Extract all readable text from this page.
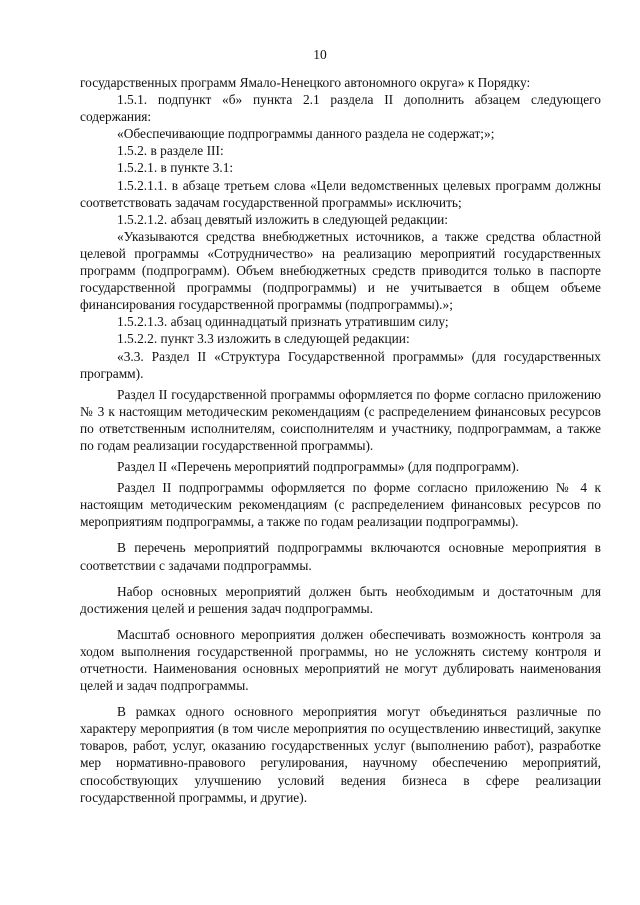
10

государственных программ Ямало-Ненецкого автономного округа» к Порядку:

1.5.1. подпункт «б» пункта 2.1 раздела II дополнить абзацем следующего содержания:

«Обеспечивающие подпрограммы данного раздела не содержат;»;

1.5.2. в разделе III:

1.5.2.1. в пункте 3.1:

1.5.2.1.1. в абзаце третьем слова «Цели ведомственных целевых программ должны соответствовать задачам государственной программы» исключить;

1.5.2.1.2. абзац девятый изложить в следующей редакции:

«Указываются средства внебюджетных источников, а также средства областной целевой программы «Сотрудничество» на реализацию мероприятий государственных программ (подпрограмм). Объем внебюджетных средств приводится только в паспорте государственной программы (подпрограммы) и не учитывается в общем объеме финансирования государственной программы (подпрограммы).»;

1.5.2.1.3. абзац одиннадцатый признать утратившим силу;

1.5.2.2. пункт 3.3 изложить в следующей редакции:

«3.3. Раздел II «Структура Государственной программы» (для государственных программ).

Раздел II государственной программы оформляется по форме согласно приложению № 3 к настоящим методическим рекомендациям (с распределением финансовых ресурсов по ответственным исполнителям, соисполнителям и участнику, подпрограммам, а также по годам реализации государственной программы).

Раздел II «Перечень мероприятий подпрограммы» (для подпрограмм).

Раздел II подпрограммы оформляется по форме согласно приложению № 4 к настоящим методическим рекомендациям (с распределением финансовых ресурсов по мероприятиям подпрограммы, а также по годам реализации подпрограммы).

В перечень мероприятий подпрограммы включаются основные мероприятия в соответствии с задачами подпрограммы.

Набор основных мероприятий должен быть необходимым и достаточным для достижения целей и решения задач подпрограммы.

Масштаб основного мероприятия должен обеспечивать возможность контроля за ходом выполнения государственной программы, но не усложнять систему контроля и отчетности. Наименования основных мероприятий не могут дублировать наименования целей и задач подпрограммы.

В рамках одного основного мероприятия могут объединяться различные по характеру мероприятия (в том числе мероприятия по осуществлению инвестиций, закупке товаров, работ, услуг, оказанию государственных услуг (выполнению работ), разработке мер нормативно-правового регулирования, научному обеспечению мероприятий, способствующих улучшению условий ведения бизнеса в сфере реализации государственной программы, и другие).
